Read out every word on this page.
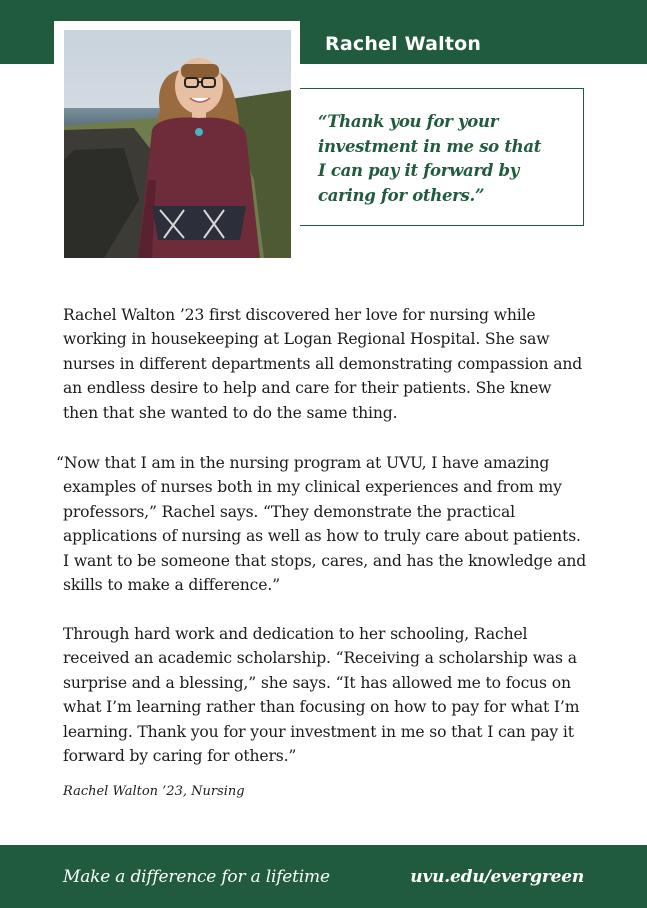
Rachel Walton
“Thank you for your
investment in me so that
I can pay it forward by
caring for others.”
Rachel Walton ’23 first discovered her love for nursing while working in housekeeping at Logan Regional Hospital. She saw nurses in different departments all demonstrating compassion and an endless desire to help and care for their patients. She knew then that she wanted to do the same thing.
“Now that I am in the nursing program at UVU, I have amazing examples of nurses both in my clinical experiences and from my professors,” Rachel says. “They demonstrate the practical applications of nursing as well as how to truly care about patients. I want to be someone that stops, cares, and has the knowledge and skills to make a difference.”
Through hard work and dedication to her schooling, Rachel received an academic scholarship. “Receiving a scholarship was a surprise and a blessing,” she says. “It has allowed me to focus on what I’m learning rather than focusing on how to pay for what I’m learning. Thank you for your investment in me so that I can pay it forward by caring for others.”
Rachel Walton ’23, Nursing
Make a difference for a lifetime	uvu.edu/evergreen
